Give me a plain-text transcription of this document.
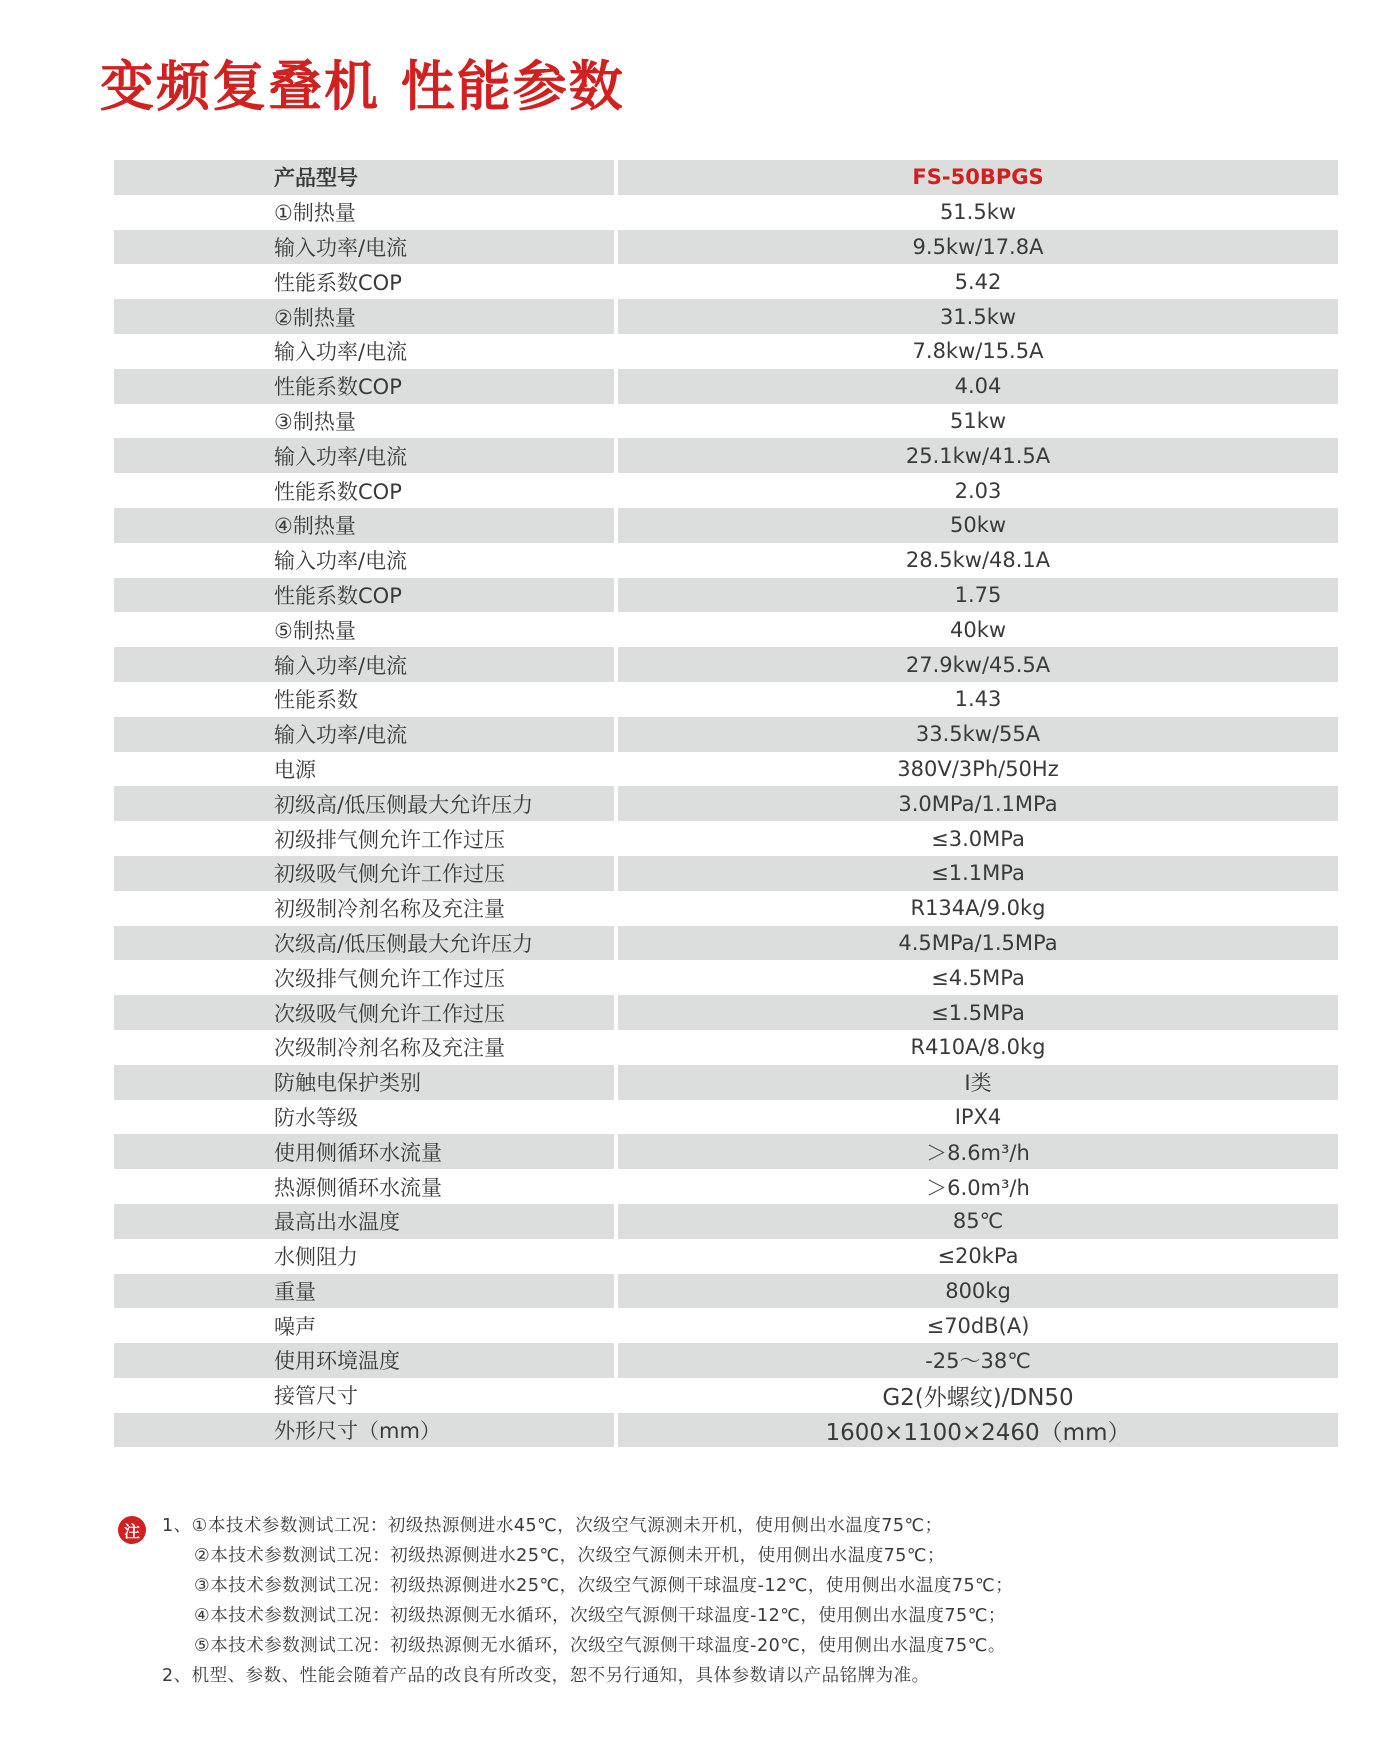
变频复叠机 性能参数
产品型号	FS-50BPGS
①制热量	51.5kw
输入功率/电流	9.5kw/17.8A
性能系数COP	5.42
②制热量	31.5kw
输入功率/电流	7.8kw/15.5A
性能系数COP	4.04
③制热量	51kw
输入功率/电流	25.1kw/41.5A
性能系数COP	2.03
④制热量	50kw
输入功率/电流	28.5kw/48.1A
性能系数COP	1.75
⑤制热量	40kw
输入功率/电流	27.9kw/45.5A
性能系数	1.43
输入功率/电流	33.5kw/55A
电源	380V/3Ph/50Hz
初级高/低压侧最大允许压力	3.0MPa/1.1MPa
初级排气侧允许工作过压	≤3.0MPa
初级吸气侧允许工作过压	≤1.1MPa
初级制冷剂名称及充注量	R134A/9.0kg
次级高/低压侧最大允许压力	4.5MPa/1.5MPa
次级排气侧允许工作过压	≤4.5MPa
次级吸气侧允许工作过压	≤1.5MPa
次级制冷剂名称及充注量	R410A/8.0kg
防触电保护类别	I类
防水等级	IPX4
使用侧循环水流量	＞8.6m³/h
热源侧循环水流量	＞6.0m³/h
最高出水温度	85℃
水侧阻力	≤20kPa
重量	800kg
噪声	≤70dB(A)
使用环境温度	-25～38℃
接管尺寸	G2(外螺纹)/DN50
外形尺寸（mm）	1600×1100×2460（mm）
注	1、①本技术参数测试工况：初级热源侧进水45℃，次级空气源测未开机，使用侧出水温度75℃；
②本技术参数测试工况：初级热源侧进水25℃，次级空气源侧未开机，使用侧出水温度75℃；
③本技术参数测试工况：初级热源侧进水25℃，次级空气源侧干球温度-12℃，使用侧出水温度75℃；
④本技术参数测试工况：初级热源侧无水循环，次级空气源侧干球温度-12℃，使用侧出水温度75℃；
⑤本技术参数测试工况：初级热源侧无水循环，次级空气源侧干球温度-20℃，使用侧出水温度75℃。
2、机型、参数、性能会随着产品的改良有所改变，恕不另行通知，具体参数请以产品铭牌为准。
